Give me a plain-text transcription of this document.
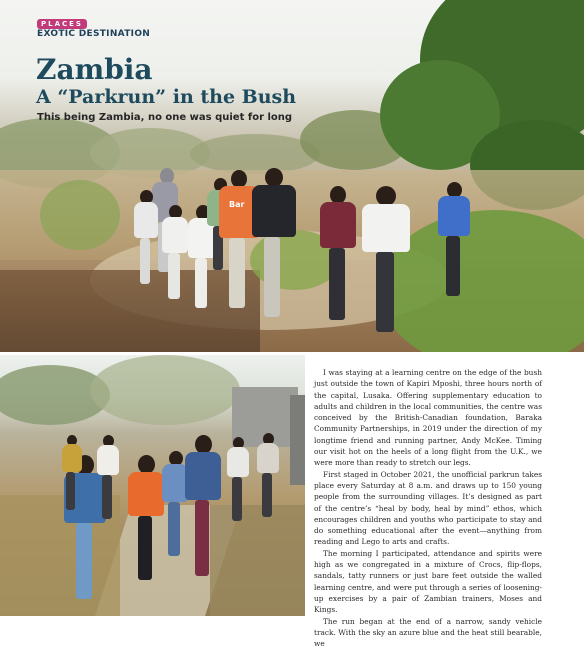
Bar
PLACES
EXOTIC DESTINATION
Zambia
A “Parkrun” in the Bush
This being Zambia, no one was quiet for long

I was staying at a learning centre on the edge of the bush just outside the town of Kapiri Mposhi, three hours north of the capital, Lusaka. Offering supplementary education to adults and children in the local communities, the centre was conceived by the British-Canadian foundation, Baraka Community Partnerships, in 2019 under the direction of my longtime friend and running partner, Andy McKee. Timing our visit hot on the heels of a long flight from the U.K., we were more than ready to stretch our legs.

First staged in October 2021, the unofficial parkrun takes place every Saturday at 8 a.m. and draws up to 150 young people from the surrounding villages. It’s designed as part of the centre’s “heal by body, heal by mind” ethos, which encourages children and youths who participate to stay and do something educational after the event—anything from reading and Lego to arts and crafts.

The morning I participated, attendance and spirits were high as we congregated in a mixture of Crocs, flip-flops, sandals, tatty runners or just bare feet outside the walled learning centre, and were put through a series of loosening-up exercises by a pair of Zambian trainers, Moses and Kings.

The run began at the end of a narrow, sandy vehicle track. With the sky an azure blue and the heat still bearable, we
